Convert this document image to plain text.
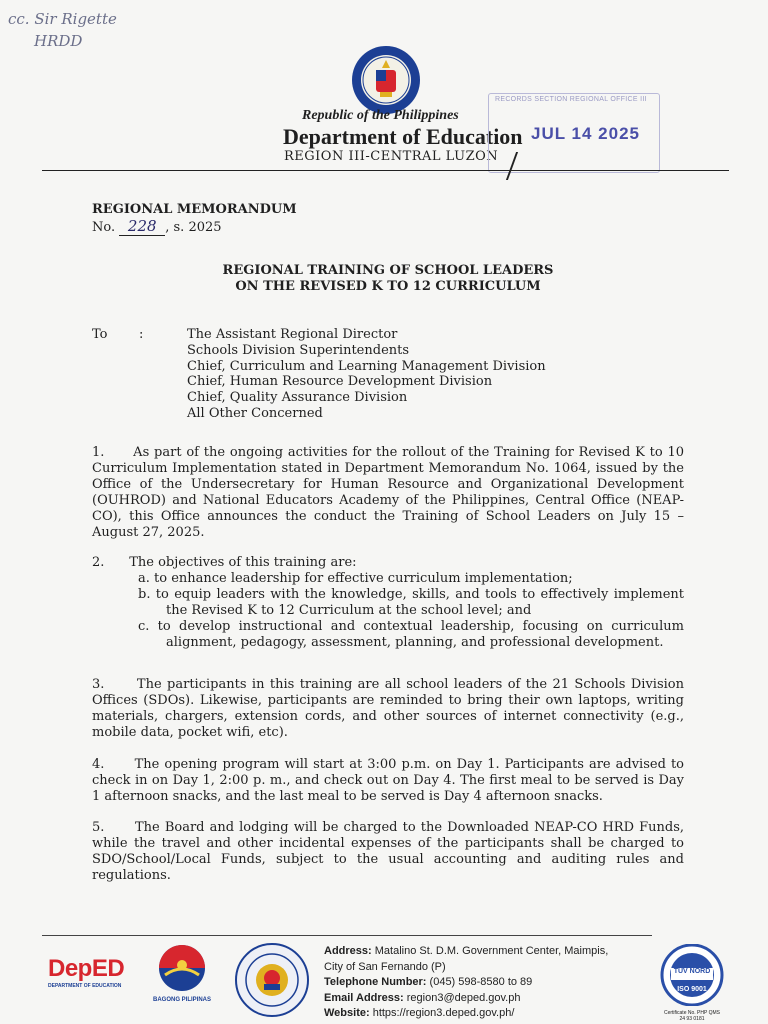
cc. Sir Rigette
HRDD
Republic of the Philippines
Department of Education
REGION III-CENTRAL LUZON
RECORDS SECTION REGIONAL OFFICE III
JUL 14 2025
REGIONAL MEMORANDUM
No. 228 , s. 2025
REGIONAL TRAINING OF SCHOOL LEADERS
ON THE REVISED K TO 12 CURRICULUM
To :	The Assistant Regional Director
Schools Division Superintendents
Chief, Curriculum and Learning Management Division
Chief, Human Resource Development Division
Chief, Quality Assurance Division
All Other Concerned

1.      As part of the ongoing activities for the rollout of the Training for Revised K to 10 Curriculum Implementation stated in Department Memorandum No. 1064, issued by the Office of the Undersecretary for Human Resource and Organizational Development (OUHROD) and National Educators Academy of the Philippines, Central Office (NEAP-CO), this Office announces the conduct the Training of School Leaders on July 15 – August 27, 2025.

2.      The objectives of this training are:
a. to enhance leadership for effective curriculum implementation;
b. to equip leaders with the knowledge, skills, and tools to effectively implement the Revised K to 12 Curriculum at the school level; and
c. to develop instructional and contextual leadership, focusing on curriculum alignment, pedagogy, assessment, planning, and professional development.

3.      The participants in this training are all school leaders of the 21 Schools Division Offices (SDOs). Likewise, participants are reminded to bring their own laptops, writing materials, chargers, extension cords, and other sources of internet connectivity (e.g., mobile data, pocket wifi, etc).

4.      The opening program will start at 3:00 p.m. on Day 1. Participants are advised to check in on Day 1, 2:00 p. m., and check out on Day 4. The first meal to be served is Day 1 afternoon snacks, and the last meal to be served is Day 4 afternoon snacks.

5.      The Board and lodging will be charged to the Downloaded NEAP-CO HRD Funds, while the travel and other incidental expenses of the participants shall be charged to SDO/School/Local Funds, subject to the usual accounting and auditing rules and regulations.

DepED
DEPARTMENT OF EDUCATION
BAGONG PILIPINAS
Address: Matalino St. D.M. Government Center, Maimpis,
City of San Fernando (P)
Telephone Number: (045) 598-8580 to 89
Email Address: region3@deped.gov.ph
Website: https://region3.deped.gov.ph/
TÜV NORD
ISO 9001
Certificate No. PHP QMS
24 93 0181
